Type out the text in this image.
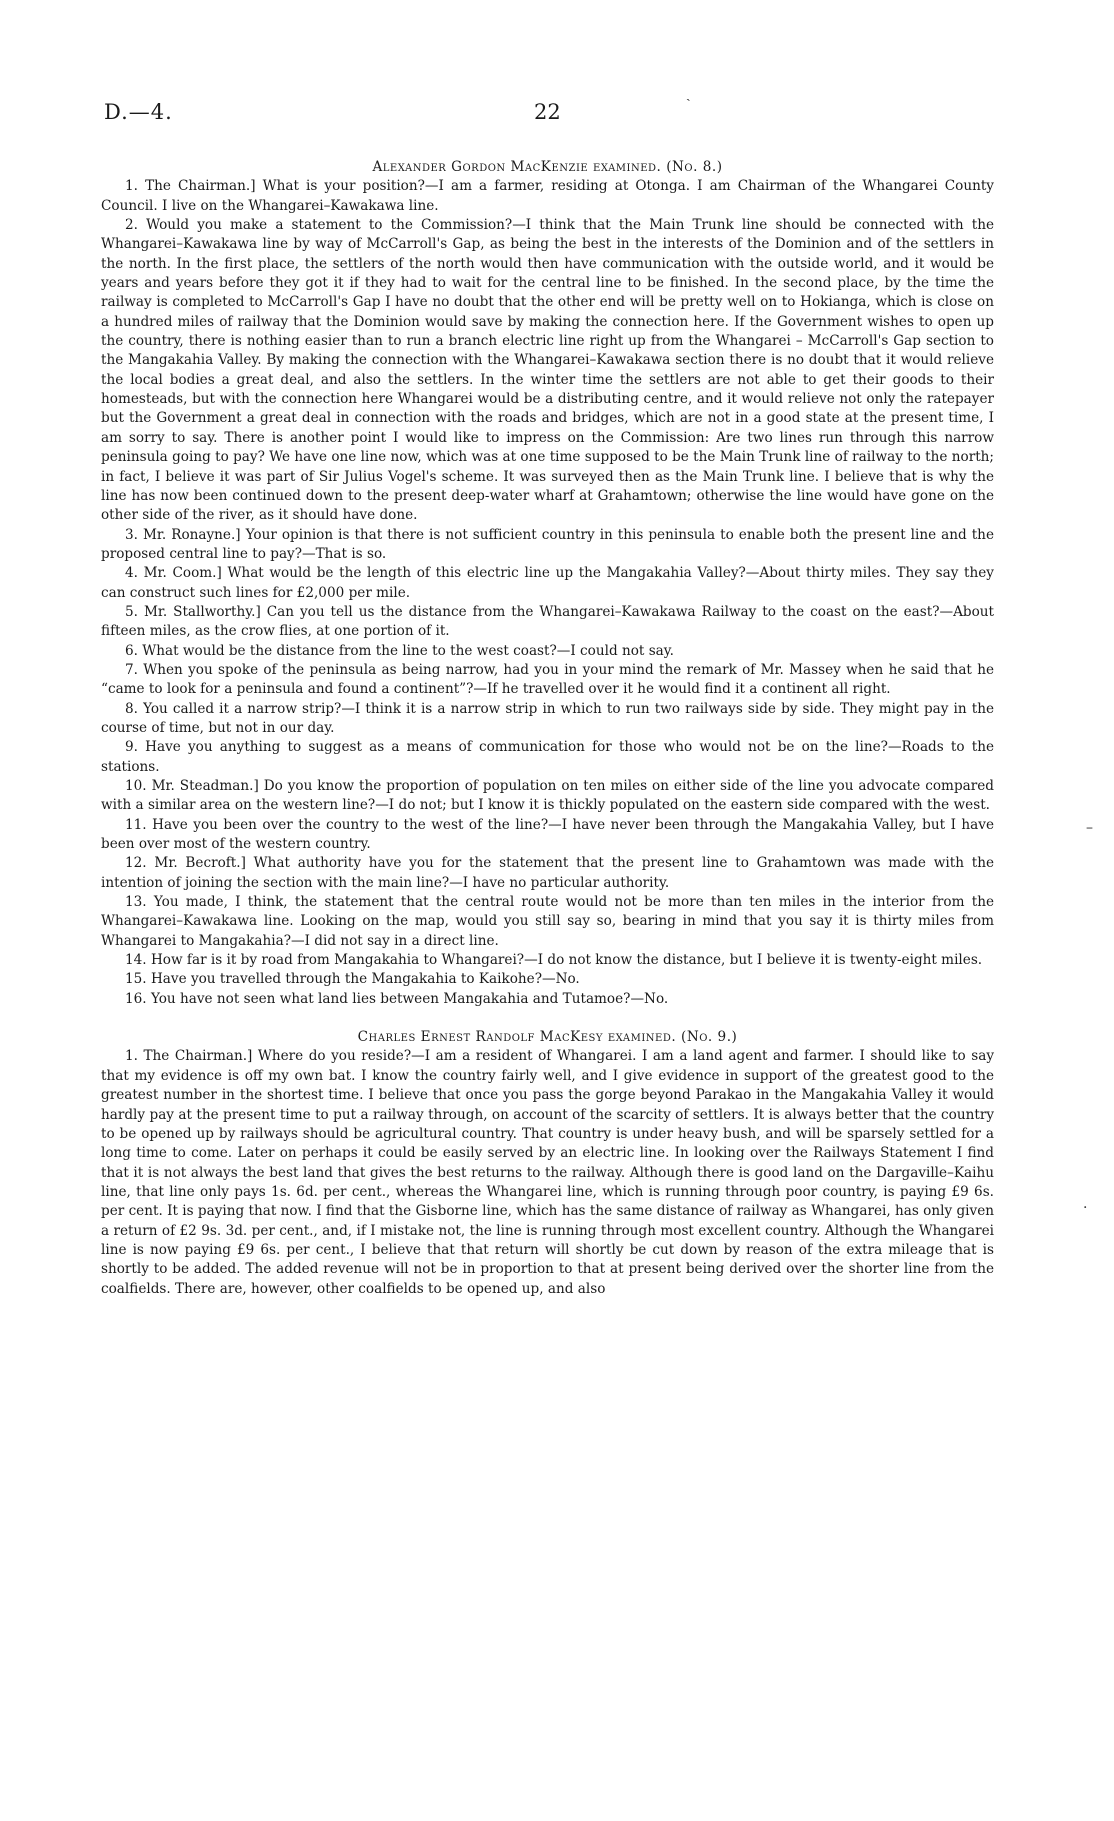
D.—4.	22
ˏ
–
·

Alexander Gordon MacKenzie examined. (No. 8.)

1. The Chairman.] What is your position?—I am a farmer, residing at Otonga. I am Chairman of the Whangarei County Council. I live on the Whangarei–Kawakawa line.

2. Would you make a statement to the Commission?—I think that the Main Trunk line should be connected with the Whangarei–Kawakawa line by way of McCarroll's Gap, as being the best in the interests of the Dominion and of the settlers in the north. In the first place, the settlers of the north would then have communication with the outside world, and it would be years and years before they got it if they had to wait for the central line to be finished. In the second place, by the time the railway is completed to McCarroll's Gap I have no doubt that the other end will be pretty well on to Hokianga, which is close on a hundred miles of railway that the Dominion would save by making the connection here. If the Government wishes to open up the country, there is nothing easier than to run a branch electric line right up from the Whangarei – McCarroll's Gap section to the Mangakahia Valley. By making the connection with the Whangarei–Kawakawa section there is no doubt that it would relieve the local bodies a great deal, and also the settlers. In the winter time the settlers are not able to get their goods to their homesteads, but with the connection here Whangarei would be a distributing centre, and it would relieve not only the ratepayer but the Government a great deal in connection with the roads and bridges, which are not in a good state at the present time, I am sorry to say. There is another point I would like to impress on the Commission: Are two lines run through this narrow peninsula going to pay? We have one line now, which was at one time supposed to be the Main Trunk line of railway to the north; in fact, I believe it was part of Sir Julius Vogel's scheme. It was surveyed then as the Main Trunk line. I believe that is why the line has now been continued down to the present deep-water wharf at Grahamtown; otherwise the line would have gone on the other side of the river, as it should have done.

3. Mr. Ronayne.] Your opinion is that there is not sufficient country in this peninsula to enable both the present line and the proposed central line to pay?—That is so.

4. Mr. Coom.] What would be the length of this electric line up the Mangakahia Valley?—About thirty miles. They say they can construct such lines for £2,000 per mile.

5. Mr. Stallworthy.] Can you tell us the distance from the Whangarei–Kawakawa Railway to the coast on the east?—About fifteen miles, as the crow flies, at one portion of it.

6. What would be the distance from the line to the west coast?—I could not say.

7. When you spoke of the peninsula as being narrow, had you in your mind the remark of Mr. Massey when he said that he “came to look for a peninsula and found a continent”?—If he travelled over it he would find it a continent all right.

8. You called it a narrow strip?—I think it is a narrow strip in which to run two railways side by side. They might pay in the course of time, but not in our day.

9. Have you anything to suggest as a means of communication for those who would not be on the line?—Roads to the stations.

10. Mr. Steadman.] Do you know the proportion of population on ten miles on either side of the line you advocate compared with a similar area on the western line?—I do not; but I know it is thickly populated on the eastern side compared with the west.

11. Have you been over the country to the west of the line?—I have never been through the Mangakahia Valley, but I have been over most of the western country.

12. Mr. Becroft.] What authority have you for the statement that the present line to Grahamtown was made with the intention of joining the section with the main line?—I have no particular authority.

13. You made, I think, the statement that the central route would not be more than ten miles in the interior from the Whangarei–Kawakawa line. Looking on the map, would you still say so, bearing in mind that you say it is thirty miles from Whangarei to Mangakahia?—I did not say in a direct line.

14. How far is it by road from Mangakahia to Whangarei?—I do not know the distance, but I believe it is twenty-eight miles.

15. Have you travelled through the Mangakahia to Kaikohe?—No.

16. You have not seen what land lies between Mangakahia and Tutamoe?—No.

Charles Ernest Randolf MacKesy examined. (No. 9.)

1. The Chairman.] Where do you reside?—I am a resident of Whangarei. I am a land agent and farmer. I should like to say that my evidence is off my own bat. I know the country fairly well, and I give evidence in support of the greatest good to the greatest number in the shortest time. I believe that once you pass the gorge beyond Parakao in the Mangakahia Valley it would hardly pay at the present time to put a railway through, on account of the scarcity of settlers. It is always better that the country to be opened up by railways should be agricultural country. That country is under heavy bush, and will be sparsely settled for a long time to come. Later on perhaps it could be easily served by an electric line. In looking over the Railways Statement I find that it is not always the best land that gives the best returns to the railway. Although there is good land on the Dargaville–Kaihu line, that line only pays 1s. 6d. per cent., whereas the Whangarei line, which is running through poor country, is paying £9 6s. per cent. It is paying that now. I find that the Gisborne line, which has the same distance of railway as Whangarei, has only given a return of £2 9s. 3d. per cent., and, if I mistake not, the line is running through most excellent country. Although the Whangarei line is now paying £9 6s. per cent., I believe that that return will shortly be cut down by reason of the extra mileage that is shortly to be added. The added revenue will not be in proportion to that at present being derived over the shorter line from the coalfields. There are, however, other coalfields to be opened up, and also
